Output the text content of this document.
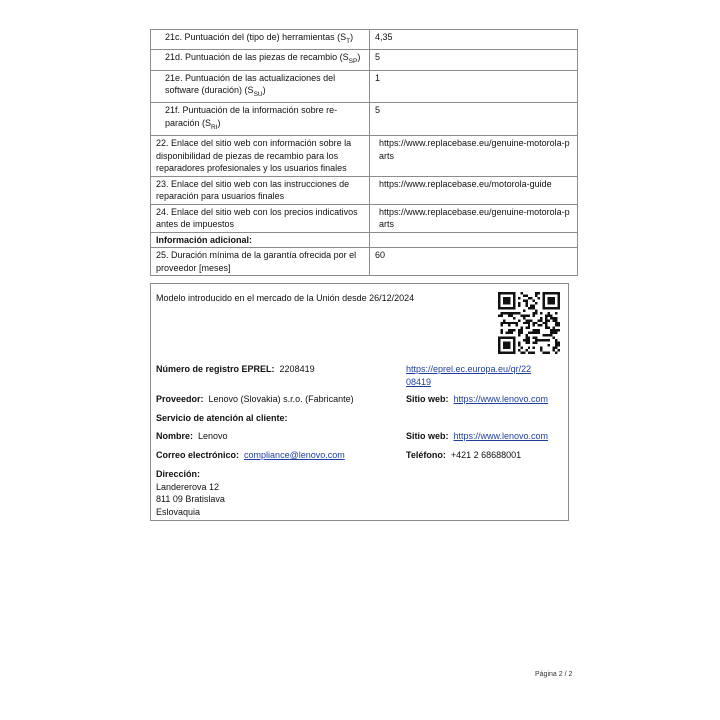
21c. Puntuación del (tipo de) herramientas $(S_T)$	4,35
21d. Puntuación de las piezas de recambio $(S_{SP})$	5
21e. Puntuación de las actualizaciones del software (duración) $(S_{SU})$	1
21f. Puntuación de la información sobre re-paración $(S_{RI})$	5
22. Enlace del sitio web con información sobre la disponibilidad de piezas de recambio para los reparadores profesionales y los usuarios finales	https://www.replacebase.eu/genuine-motorola-parts
23. Enlace del sitio web con las instrucciones de reparación para usuarios finales	https://www.replacebase.eu/motorola-guide
24. Enlace del sitio web con los precios indicativos antes de impuestos	https://www.replacebase.eu/genuine-motorola-parts
Información adicional:	
25. Duración mínima de la garantía ofrecida por el proveedor [meses]	60
Modelo introducido en el mercado de la Unión desde 26/12/2024
Número de registro EPREL: 2208419	https://eprel.ec.europa.eu/qr/22
08419
Proveedor: Lenovo (Slovakia) s.r.o. (Fabricante)	Sitio web: https://www.lenovo.com
Servicio de atención al cliente:
Nombre: Lenovo	Sitio web: https://www.lenovo.com
Correo electrónico: compliance@lenovo.com	Teléfono: +421 2 68688001
Dirección:
Landererova 12
811 09 Bratislava
Eslovaquia
Página 2 / 2
